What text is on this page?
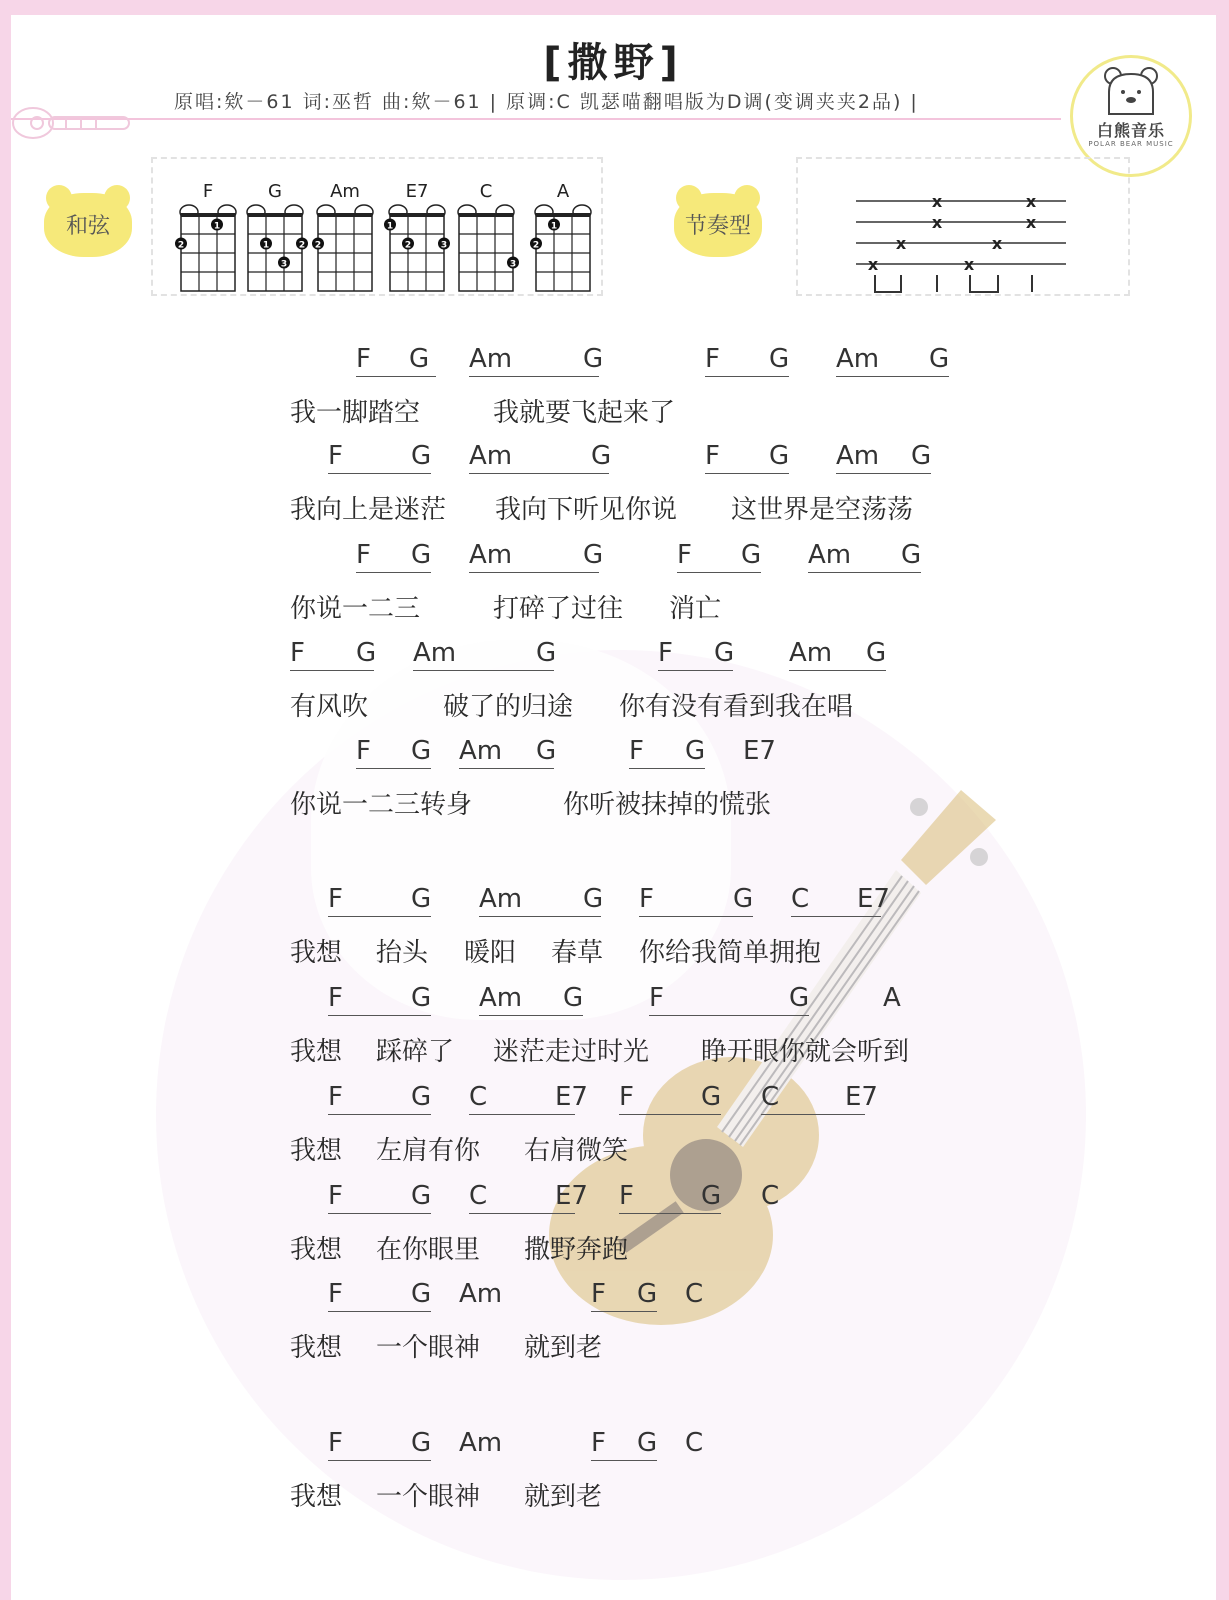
[撒野]
原唱:欸－61 词:巫哲 曲:欸－61 | 原调:C 凯瑟喵翻唱版为D调(变调夹夹2品) |
白熊音乐
POLAR BEAR MUSIC
和弦
F
2
1
G
1
3
2
Am
2
E7
1
2	3
C
3
A
2
1	节奏型
x
x
x
x
x	x
x	x
F G Am	G	F G Am G
我一脚踏空	我就要飞起来了
F	G Am	G	F G Am G
我向上是迷茫 我向下听见你说 这世界是空荡荡
F G Am	G	F G Am G
你说一二三	打碎了过往 消亡
F G Am	G	F G Am G
有风吹	破了的归途 你有没有看到我在唱
F G Am G	F G E7
你说一二三转身	你听被抹掉的慌张
F	G Am G F	G C E7
我想 抬头 暖阳 春草 你给我简单拥抱
F	G Am G	F	G	A
我想 踩碎了 迷茫走过时光 睁开眼你就会听到
F	G C	E7 F	G C	E7
我想 左肩有你 右肩微笑
F	G C	E7 F	G C
我想 在你眼里 撒野奔跑
F	G Am	F G C
我想 一个眼神 就到老
F	G Am	F G C
我想 一个眼神 就到老
